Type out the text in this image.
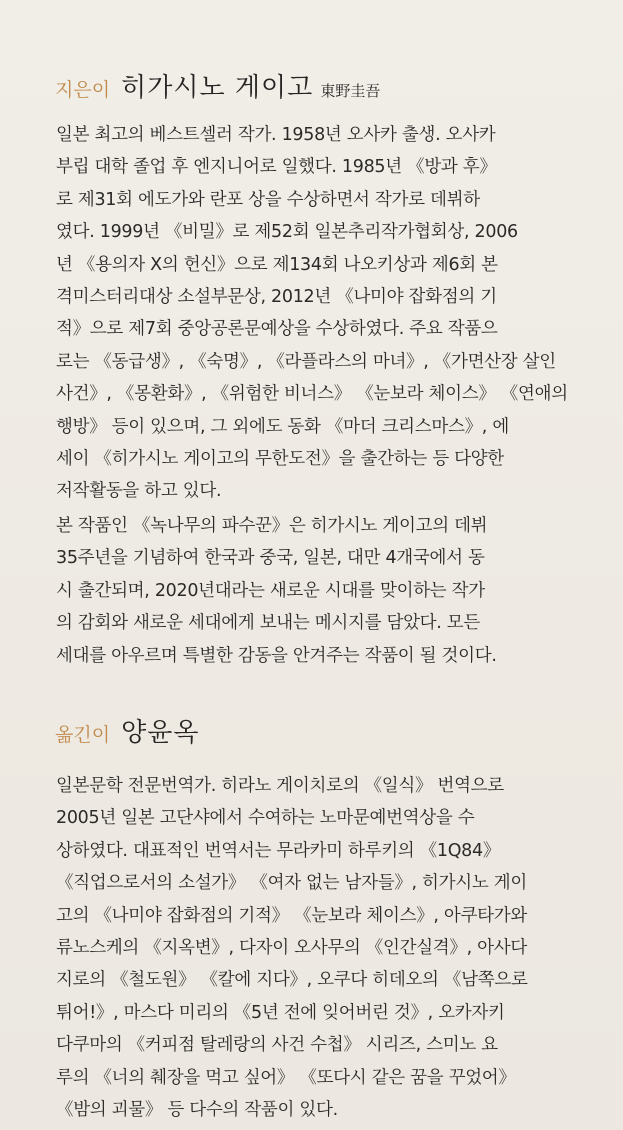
지은이 히가시노 게이고 東野圭吾
일본 최고의 베스트셀러 작가. 1958년 오사카 출생. 오사카
부립 대학 졸업 후 엔지니어로 일했다. 1985년 《방과 후》
로 제31회 에도가와 란포 상을 수상하면서 작가로 데뷔하
였다. 1999년 《비밀》로 제52회 일본추리작가협회상, 2006
년 《용의자 X의 헌신》으로 제134회 나오키상과 제6회 본
격미스터리대상 소설부문상, 2012년 《나미야 잡화점의 기
적》으로 제7회 중앙공론문예상을 수상하였다. 주요 작품으
로는 《동급생》, 《숙명》, 《라플라스의 마녀》, 《가면산장 살인
사건》, 《몽환화》, 《위험한 비너스》 《눈보라 체이스》 《연애의
행방》 등이 있으며, 그 외에도 동화 《마더 크리스마스》, 에
세이 《히가시노 게이고의 무한도전》을 출간하는 등 다양한
저작활동을 하고 있다.
본 작품인 《녹나무의 파수꾼》은 히가시노 게이고의 데뷔
35주년을 기념하여 한국과 중국, 일본, 대만 4개국에서 동
시 출간되며, 2020년대라는 새로운 시대를 맞이하는 작가
의 감회와 새로운 세대에게 보내는 메시지를 담았다. 모든
세대를 아우르며 특별한 감동을 안겨주는 작품이 될 것이다.
옮긴이 양윤옥
일본문학 전문번역가. 히라노 게이치로의 《일식》 번역으로
2005년 일본 고단샤에서 수여하는 노마문예번역상을 수
상하였다. 대표적인 번역서는 무라카미 하루키의 《1Q84》
《직업으로서의 소설가》 《여자 없는 남자들》, 히가시노 게이
고의 《나미야 잡화점의 기적》 《눈보라 체이스》, 아쿠타가와
류노스케의 《지옥변》, 다자이 오사무의 《인간실격》, 아사다
지로의 《철도원》 《칼에 지다》, 오쿠다 히데오의 《남쪽으로
튀어!》, 마스다 미리의 《5년 전에 잊어버린 것》, 오카자키
다쿠마의 《커피점 탈레랑의 사건 수첩》 시리즈, 스미노 요
루의 《너의 췌장을 먹고 싶어》 《또다시 같은 꿈을 꾸었어》
《밤의 괴물》 등 다수의 작품이 있다.
